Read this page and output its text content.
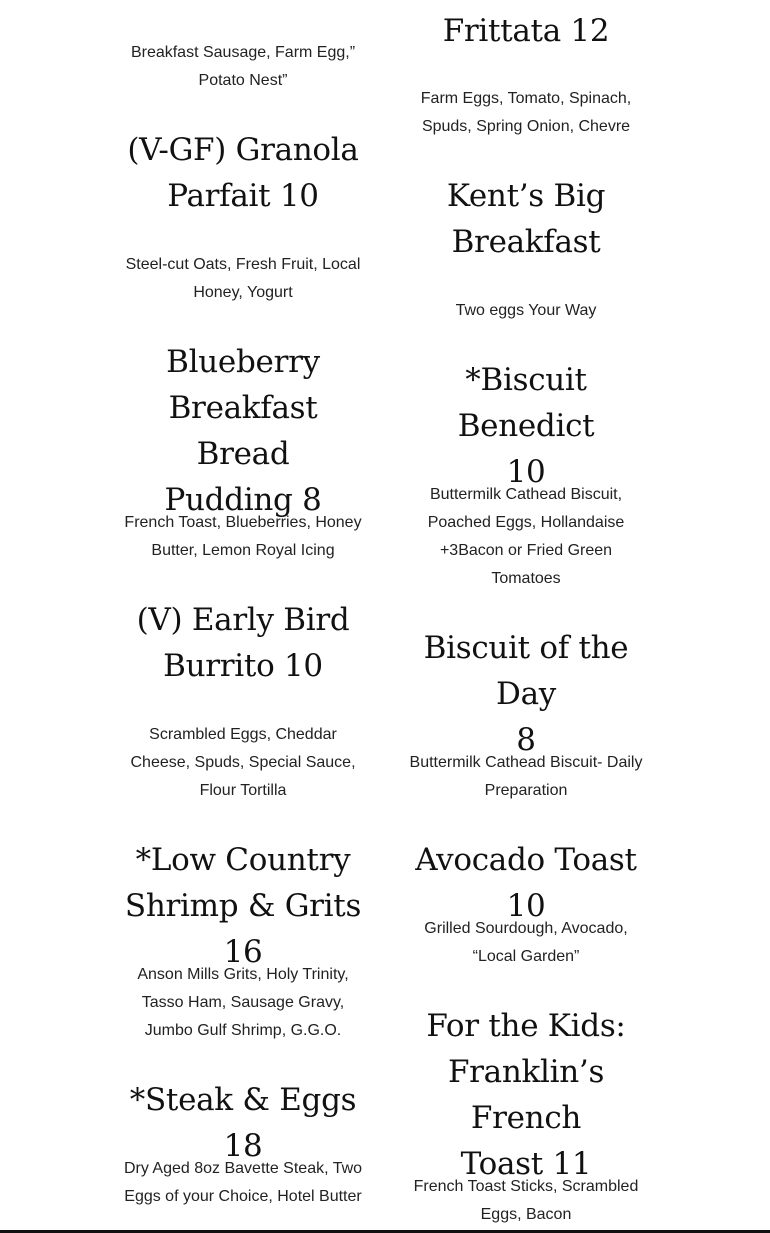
Breakfast Sausage, Farm Egg,”
Potato Nest”

(V-GF) Granola
Parfait 10

Steel-cut Oats, Fresh Fruit, Local
Honey, Yogurt

Blueberry
Breakfast Bread
Pudding 8

French Toast, Blueberries, Honey
Butter, Lemon Royal Icing

(V) Early Bird
Burrito 10

Scrambled Eggs, Cheddar
Cheese, Spuds, Special Sauce,
Flour Tortilla

*Low Country
Shrimp & Grits 16

Anson Mills Grits, Holy Trinity,
Tasso Ham, Sausage Gravy,
Jumbo Gulf Shrimp, G.G.O.

*Steak & Eggs 18

Dry Aged 8oz Bavette Steak, Two
Eggs of your Choice, Hotel Butter

Frittata 12

Farm Eggs, Tomato, Spinach,
Spuds, Spring Onion, Chevre

Kent’s Big
Breakfast

Two eggs Your Way

*Biscuit Benedict
10

Buttermilk Cathead Biscuit,
Poached Eggs, Hollandaise
+3Bacon or Fried Green
Tomatoes

Biscuit of the Day
8

Buttermilk Cathead Biscuit- Daily
Preparation

Avocado Toast 10

Grilled Sourdough, Avocado,
“Local Garden”

For the Kids:
Franklin’s French
Toast 11

French Toast Sticks, Scrambled
Eggs, Bacon
